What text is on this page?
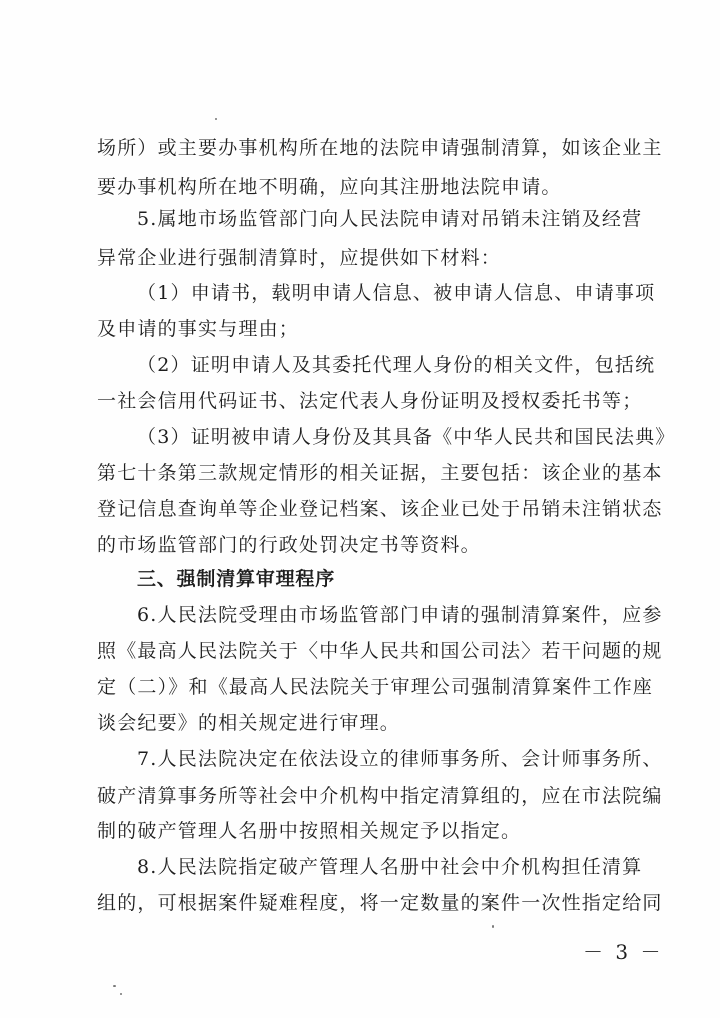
场所）或主要办事机构所在地的法院申请强制清算，如该企业主
要办事机构所在地不明确，应向其注册地法院申请。
5.属地市场监管部门向人民法院申请对吊销未注销及经营
异常企业进行强制清算时，应提供如下材料：
（1）申请书，载明申请人信息、被申请人信息、申请事项
及申请的事实与理由；
（2）证明申请人及其委托代理人身份的相关文件，包括统
一社会信用代码证书、法定代表人身份证明及授权委托书等；
（3）证明被申请人身份及其具备《中华人民共和国民法典》
第七十条第三款规定情形的相关证据，主要包括：该企业的基本
登记信息查询单等企业登记档案、该企业已处于吊销未注销状态
的市场监管部门的行政处罚决定书等资料。
三、强制清算审理程序
6.人民法院受理由市场监管部门申请的强制清算案件，应参
照《最高人民法院关于〈中华人民共和国公司法〉若干问题的规
定（二）》和《最高人民法院关于审理公司强制清算案件工作座
谈会纪要》的相关规定进行审理。
7.人民法院决定在依法设立的律师事务所、会计师事务所、
破产清算事务所等社会中介机构中指定清算组的，应在市法院编
制的破产管理人名册中按照相关规定予以指定。
8.人民法院指定破产管理人名册中社会中介机构担任清算
组的，可根据案件疑难程度，将一定数量的案件一次性指定给同
－ 3 －
